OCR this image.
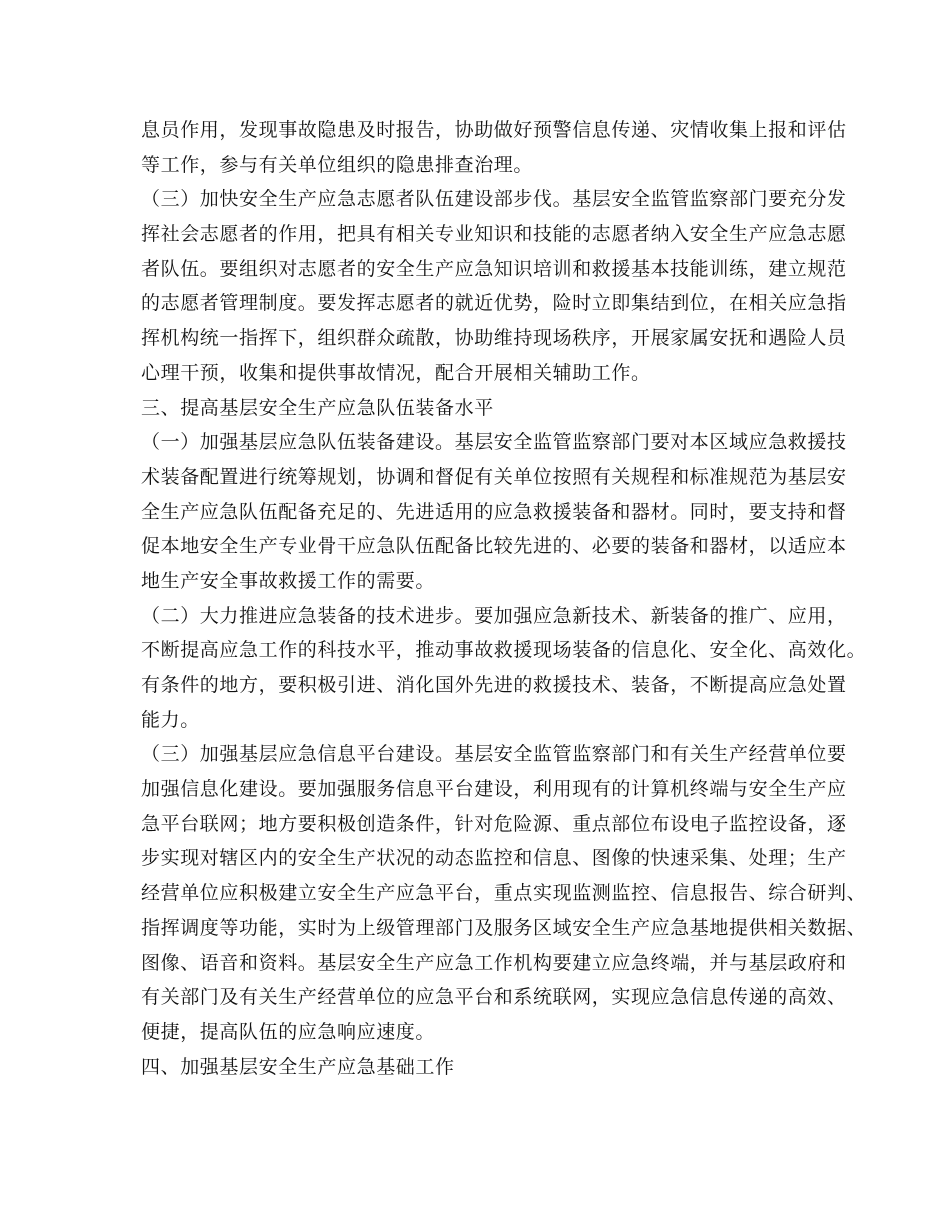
息员作用，发现事故隐患及时报告，协助做好预警信息传递、灾情收集上报和评估
等工作，参与有关单位组织的隐患排查治理。
（三）加快安全生产应急志愿者队伍建设部步伐。基层安全监管监察部门要充分发
挥社会志愿者的作用，把具有相关专业知识和技能的志愿者纳入安全生产应急志愿
者队伍。要组织对志愿者的安全生产应急知识培训和救援基本技能训练，建立规范
的志愿者管理制度。要发挥志愿者的就近优势，险时立即集结到位，在相关应急指
挥机构统一指挥下，组织群众疏散，协助维持现场秩序，开展家属安抚和遇险人员
心理干预，收集和提供事故情况，配合开展相关辅助工作。
三、提高基层安全生产应急队伍装备水平
（一）加强基层应急队伍装备建设。基层安全监管监察部门要对本区域应急救援技
术装备配置进行统筹规划，协调和督促有关单位按照有关规程和标准规范为基层安
全生产应急队伍配备充足的、先进适用的应急救援装备和器材。同时，要支持和督
促本地安全生产专业骨干应急队伍配备比较先进的、必要的装备和器材，以适应本
地生产安全事故救援工作的需要。
（二）大力推进应急装备的技术进步。要加强应急新技术、新装备的推广、应用，
不断提高应急工作的科技水平，推动事故救援现场装备的信息化、安全化、高效化。
有条件的地方，要积极引进、消化国外先进的救援技术、装备，不断提高应急处置
能力。
（三）加强基层应急信息平台建设。基层安全监管监察部门和有关生产经营单位要
加强信息化建设。要加强服务信息平台建设，利用现有的计算机终端与安全生产应
急平台联网；地方要积极创造条件，针对危险源、重点部位布设电子监控设备，逐
步实现对辖区内的安全生产状况的动态监控和信息、图像的快速采集、处理；生产
经营单位应积极建立安全生产应急平台，重点实现监测监控、信息报告、综合研判、
指挥调度等功能，实时为上级管理部门及服务区域安全生产应急基地提供相关数据、
图像、语音和资料。基层安全生产应急工作机构要建立应急终端，并与基层政府和
有关部门及有关生产经营单位的应急平台和系统联网，实现应急信息传递的高效、
便捷，提高队伍的应急响应速度。
四、加强基层安全生产应急基础工作
